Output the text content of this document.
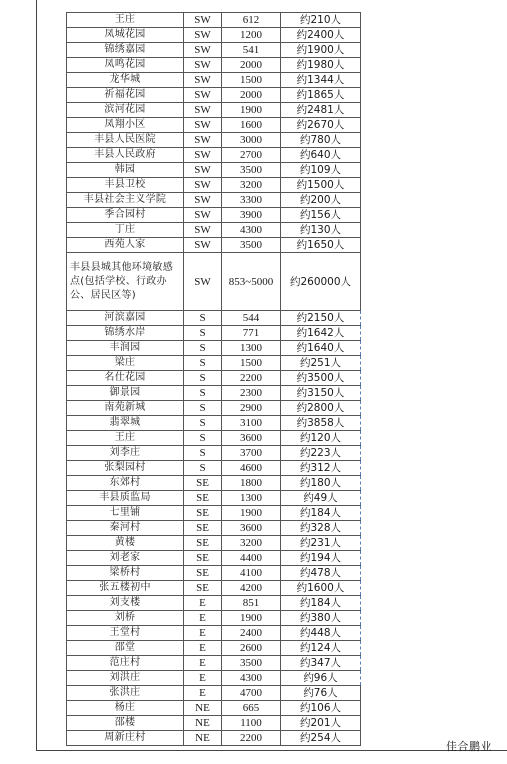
王庄	SW	612	约210人
凤城花园	SW	1200	约2400人
锦绣嘉园	SW	541	约1900人
凤鸣花园	SW	2000	约1980人
龙华城	SW	1500	约1344人
祈福花园	SW	2000	约1865人
滨河花园	SW	1900	约2481人
凤翔小区	SW	1600	约2670人
丰县人民医院	SW	3000	约780人
丰县人民政府	SW	2700	约640人
韩园	SW	3500	约109人
丰县卫校	SW	3200	约1500人
丰县社会主义学院	SW	3300	约200人
季合园村	SW	3900	约156人
丁庄	SW	4300	约130人
西苑人家	SW	3500	约1650人
丰县县城其他环境敏感点(包括学校、行政办公、居民区等)	SW	853~5000	约260000人
河滨嘉园	S	544	约2150人
锦绣水岸	S	771	约1642人
丰润园	S	1300	约1640人
梁庄	S	1500	约251人
名仕花园	S	2200	约3500人
御景园	S	2300	约3150人
南苑新城	S	2900	约2800人
翡翠城	S	3100	约3858人
王庄	S	3600	约120人
刘李庄	S	3700	约223人
张梨园村	S	4600	约312人
东郊村	SE	1800	约180人
丰县质监局	SE	1300	约49人
七里铺	SE	1900	约184人
秦河村	SE	3600	约328人
黄楼	SE	3200	约231人
刘老家	SE	4400	约194人
梁桥村	SE	4100	约478人
张五楼初中	SE	4200	约1600人
刘支楼	E	851	约184人
刘桥	E	1900	约380人
王堂村	E	2400	约448人
邵堂	E	2600	约124人
范庄村	E	3500	约347人
刘洪庄	E	4300	约96人
张洪庄	E	4700	约76人
杨庄	NE	665	约106人
邵楼	NE	1100	约201人
周新庄村	NE	2200	约254人
佳合鹏业
